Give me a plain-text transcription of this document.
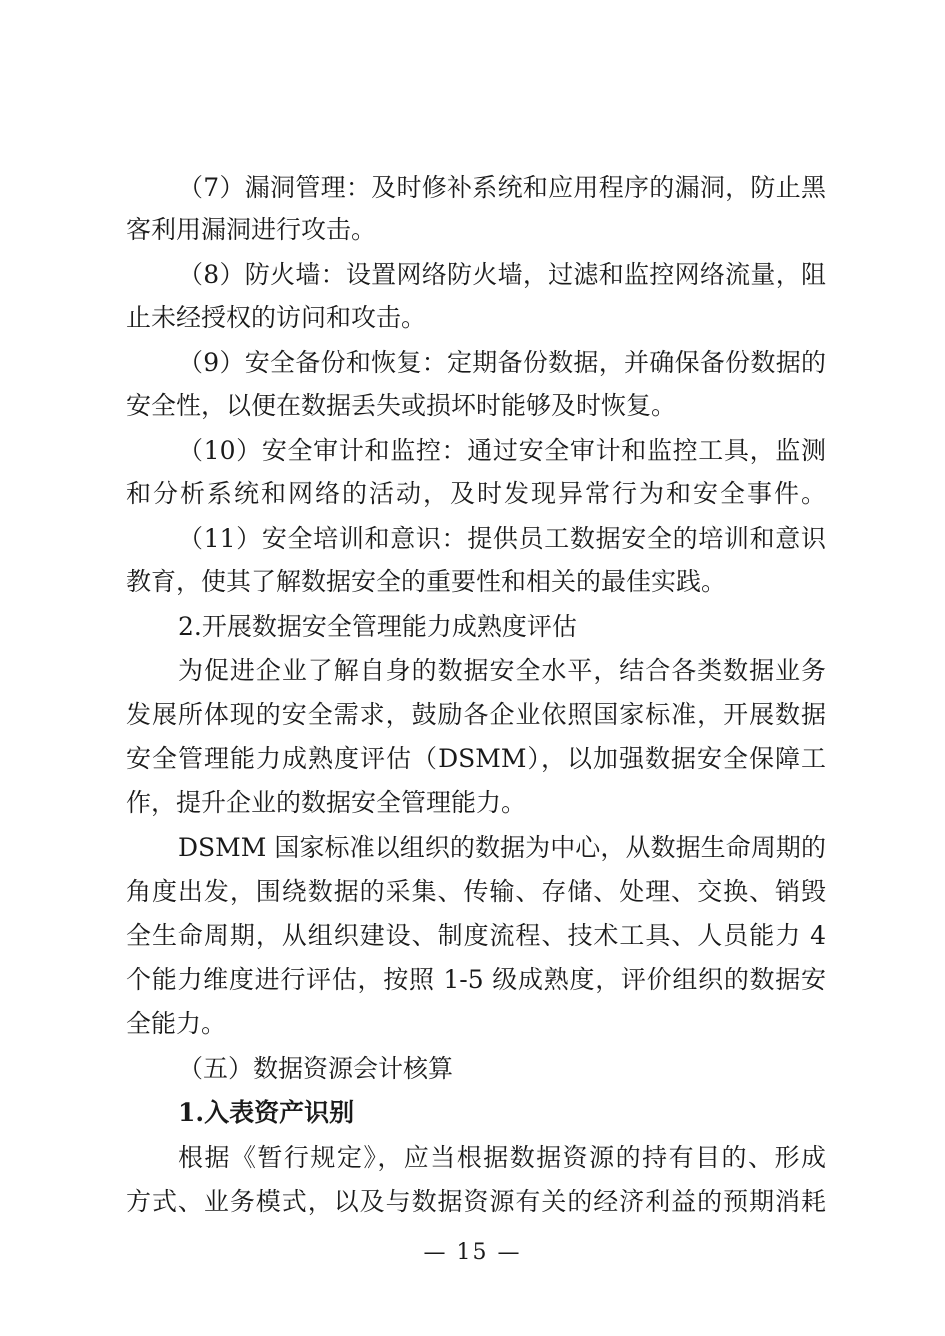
（7）漏洞管理：及时修补系统和应用程序的漏洞，防止黑
客利用漏洞进行攻击。
（8）防火墙：设置网络防火墙，过滤和监控网络流量，阻
止未经授权的访问和攻击。
（9）安全备份和恢复：定期备份数据，并确保备份数据的
安全性，以便在数据丢失或损坏时能够及时恢复。
（10）安全审计和监控：通过安全审计和监控工具，监测
和分析系统和网络的活动，及时发现异常行为和安全事件。
（11）安全培训和意识：提供员工数据安全的培训和意识
教育，使其了解数据安全的重要性和相关的最佳实践。
2.开展数据安全管理能力成熟度评估
为促进企业了解自身的数据安全水平，结合各类数据业务
发展所体现的安全需求，鼓励各企业依照国家标准，开展数据
安全管理能力成熟度评估（DSMM），以加强数据安全保障工
作，提升企业的数据安全管理能力。
DSMM 国家标准以组织的数据为中心，从数据生命周期的
角度出发，围绕数据的采集、传输、存储、处理、交换、销毁
全生命周期，从组织建设、制度流程、技术工具、人员能力 4
个能力维度进行评估，按照 1-5 级成熟度，评价组织的数据安
全能力。
（五）数据资源会计核算
1.入表资产识别
根据《暂行规定》，应当根据数据资源的持有目的、形成
方式、业务模式，以及与数据资源有关的经济利益的预期消耗
— 15 —
